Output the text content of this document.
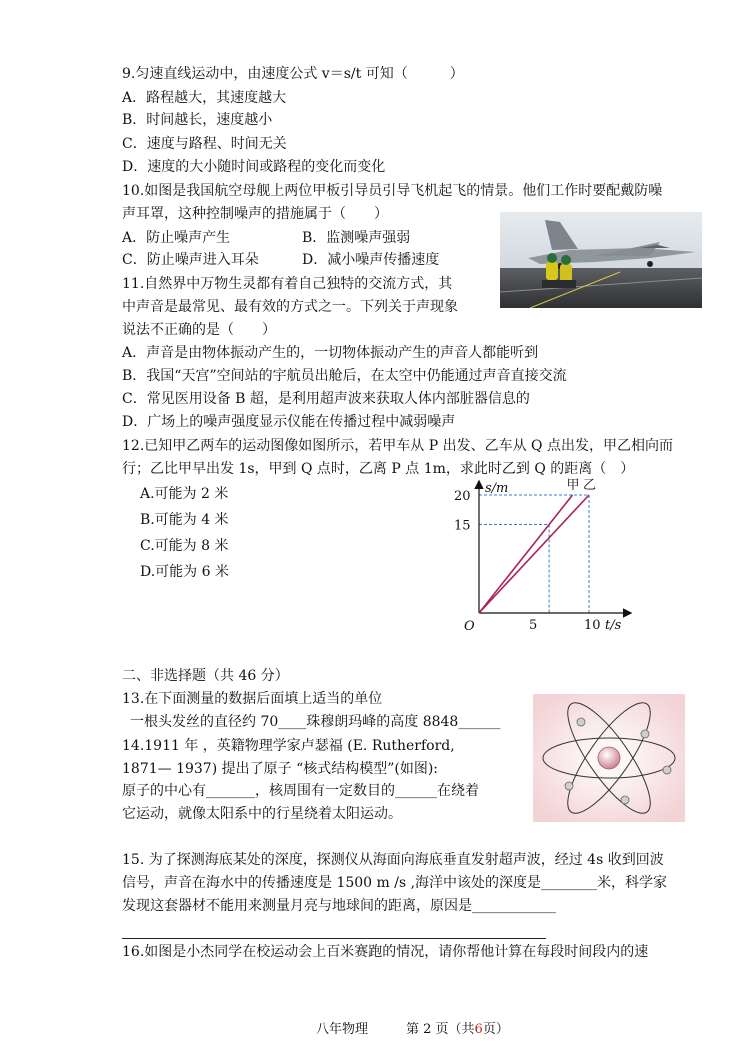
9.匀速直线运动中，由速度公式 v＝s/t 可知（　　　）
A．路程越大，其速度越大
B．时间越长，速度越小
C．速度与路程、时间无关
D．速度的大小随时间或路程的变化而变化
10.如图是我国航空母舰上两位甲板引导员引导飞机起飞的情景。他们工作时要配戴防噪
声耳罩，这种控制噪声的措施属于（　　）
A．防止噪声产生	B．监测噪声强弱
C．防止噪声进入耳朵	D．减小噪声传播速度
11.自然界中万物生灵都有着自己独特的交流方式，其
中声音是最常见、最有效的方式之一。下列关于声现象
说法不正确的是（　　）
A．声音是由物体振动产生的，一切物体振动产生的声音人都能听到
B．我国“天宫”空间站的宇航员出舱后，在太空中仍能通过声音直接交流
C．常见医用设备 B 超，是利用超声波来获取人体内部脏器信息的
D．广场上的噪声强度显示仪能在传播过程中减弱噪声
12.已知甲乙两车的运动图像如图所示，若甲车从 P 出发、乙车从 Q 点出发，甲乙相向而
行；乙比甲早出发 1s，甲到 Q 点时，乙离 P 点 1m，求此时乙到 Q 的距离（　）
A.可能为 2 米
B.可能为 4 米
C.可能为 8 米
D.可能为 6 米
甲 乙
5	10
15
20
O
s/m
t/s
二、非选择题（共 46 分）
13.在下面测量的数据后面填上适当的单位
一根头发丝的直径约 70____珠穆朗玛峰的高度 8848______
14.1911 年 ，英籍物理学家卢瑟福 (E. Rutherford,
1871— 1937) 提出了原子 “核式结构模型”(如图):
原子的中心有_______，核周围有一定数目的______在绕着
它运动，就像太阳系中的行星绕着太阳运动。
15. 为了探测海底某处的深度，探测仪从海面向海底垂直发射超声波，经过 4s 收到回波
信号，声音在海水中的传播速度是 1500 m /s ,海洋中该处的深度是________米，科学家
发现这套器材不能用来测量月亮与地球间的距离，原因是____________
16.如图是小杰同学在校运动会上百米赛跑的情况，请你帮他计算在每段时间段内的速
八年物理	第 2 页（共6页）
